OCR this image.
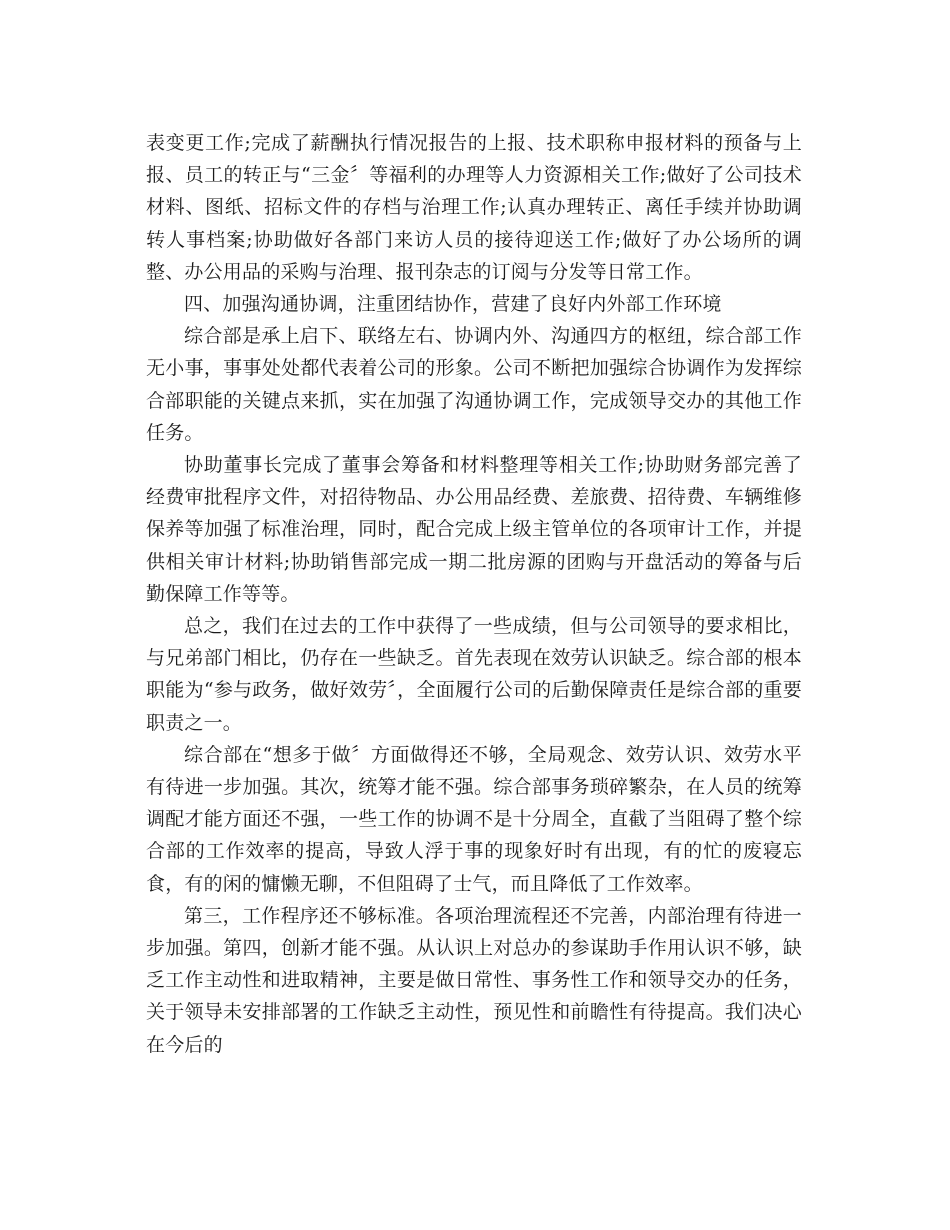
表变更工作;完成了薪酬执行情况报告的上报、技术职称申报材料的预备与上报、员工的转正与“三金〞等福利的办理等人力资源相关工作;做好了公司技术材料、图纸、招标文件的存档与治理工作;认真办理转正、离任手续并协助调转人事档案;协助做好各部门来访人员的接待迎送工作;做好了办公场所的调整、办公用品的采购与治理、报刊杂志的订阅与分发等日常工作。

四、加强沟通协调，注重团结协作，营建了良好内外部工作环境

综合部是承上启下、联络左右、协调内外、沟通四方的枢纽，综合部工作无小事，事事处处都代表着公司的形象。公司不断把加强综合协调作为发挥综合部职能的关键点来抓，实在加强了沟通协调工作，完成领导交办的其他工作任务。

协助董事长完成了董事会筹备和材料整理等相关工作;协助财务部完善了经费审批程序文件，对招待物品、办公用品经费、差旅费、招待费、车辆维修保养等加强了标准治理，同时，配合完成上级主管单位的各项审计工作，并提供相关审计材料;协助销售部完成一期二批房源的团购与开盘活动的筹备与后勤保障工作等等。

总之，我们在过去的工作中获得了一些成绩，但与公司领导的要求相比，与兄弟部门相比，仍存在一些缺乏。首先表现在效劳认识缺乏。综合部的根本职能为“参与政务，做好效劳〞，全面履行公司的后勤保障责任是综合部的重要职责之一。

综合部在“想多于做〞方面做得还不够，全局观念、效劳认识、效劳水平有待进一步加强。其次，统筹才能不强。综合部事务琐碎繁杂，在人员的统筹调配才能方面还不强，一些工作的协调不是十分周全，直截了当阻碍了整个综合部的工作效率的提高，导致人浮于事的现象好时有出现，有的忙的废寝忘食，有的闲的慵懒无聊，不但阻碍了士气，而且降低了工作效率。

第三，工作程序还不够标准。各项治理流程还不完善，内部治理有待进一步加强。第四，创新才能不强。从认识上对总办的参谋助手作用认识不够，缺乏工作主动性和进取精神，主要是做日常性、事务性工作和领导交办的任务，关于领导未安排部署的工作缺乏主动性，预见性和前瞻性有待提高。我们决心在今后的
